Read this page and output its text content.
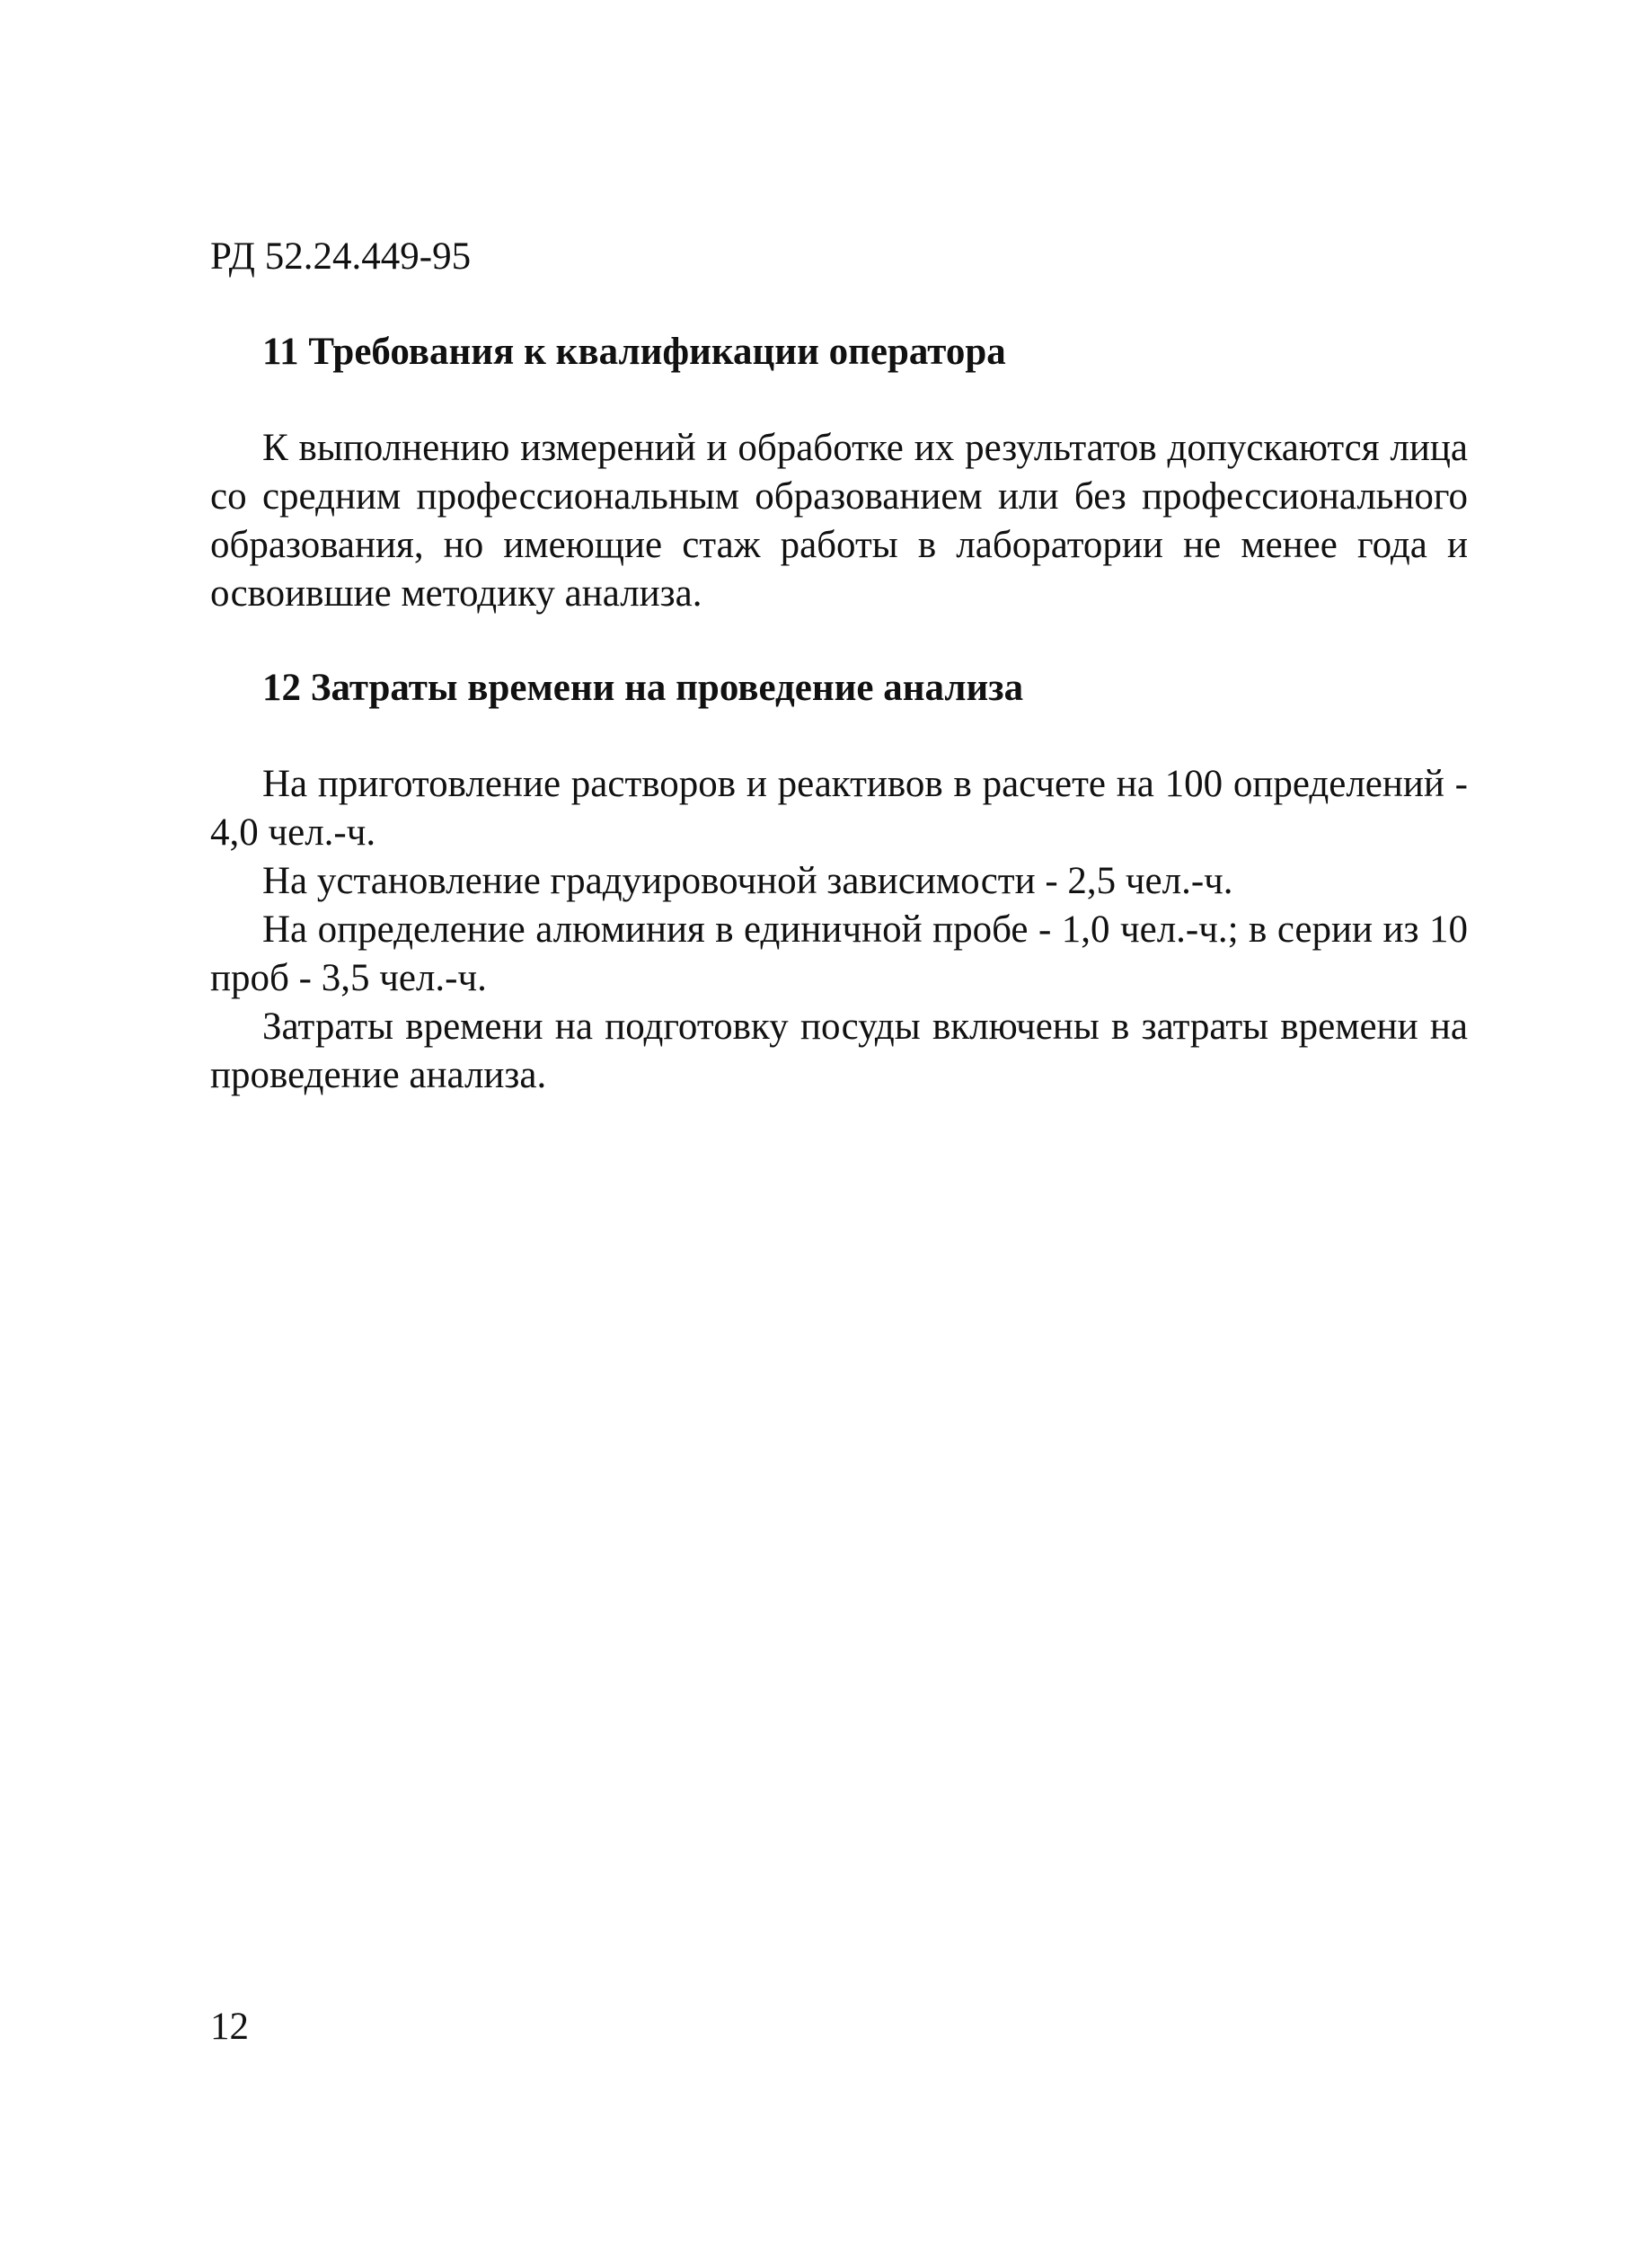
РД 52.24.449-95
11 Требования к квалификации оператора

К выполнению измерений и обработке их результатов допускаются лица со средним профессиональным образованием или без профессионального образования, но имеющие стаж работы в лаборатории не менее года и освоившие методику анализа.

12 Затраты времени на проведение анализа

На приготовление растворов и реактивов в расчете на 100 определений - 4,0 чел.-ч.

На установление градуировочной зависимости - 2,5 чел.-ч.

На определение алюминия в единичной пробе - 1,0 чел.-ч.; в серии из 10 проб - 3,5 чел.-ч.

Затраты времени на подготовку посуды включены в затраты времени на проведение анализа.

12
